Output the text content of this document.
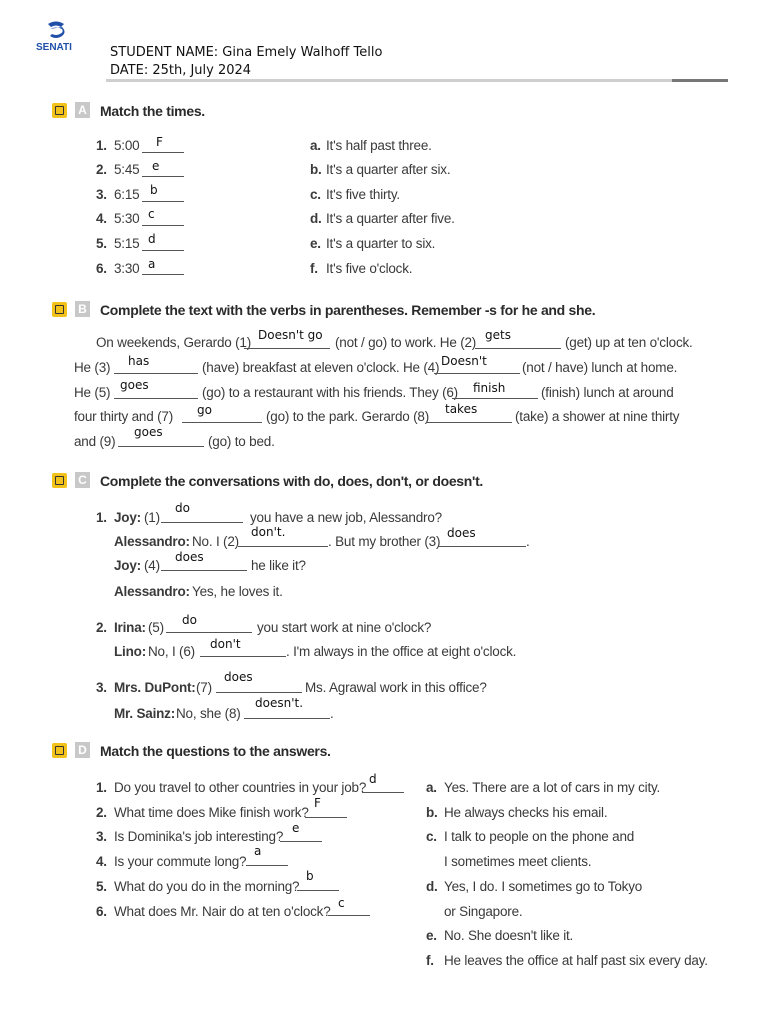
SENATI	STUDENT NAME: Gina Emely Walhoff Tello
DATE: 25th, July 2024
A Match the times.
1. 5:00 F
2. 5:45 e
3. 6:15 b
4. 5:30 c
5. 5:15 d
6. 3:30 a
a. It's half past three.
b. It's a quarter after six.
c. It's five thirty.
d. It's a quarter after five.
e. It's a quarter to six.
f. It's five o'clock.
B Complete the text with the verbs in parentheses. Remember -s for he and she.
On weekends, Gerardo (1) Doesn't go (not / go) to work. He (2) gets	(get) up at ten o'clock.
He (3) has	(have) breakfast at eleven o'clock. He (4) Doesn't	(not / have) lunch at home.
He (5) goes	(go) to a restaurant with his friends. They (6) finish	(finish) lunch at around
four thirty and (7) go	(go) to the park. Gerardo (8) takes	(take) a shower at nine thirty
and (9)
goes
(go) to bed.
C Complete the conversations with do, does, don't, or doesn't.
1. Joy: (1)
do
you have a new job, Alessandro?
Alessandro: No. I (2)
don't.
. But my brother (3)
does
.
Joy: (4)
does
he like it?
Alessandro: Yes, he loves it.
2. Irina: (5) do	you start work at nine o'clock?
Lino: No, I (6) don't	. I'm always in the office at eight o'clock.
3. Mrs. DuPont: (7)
does
Ms. Agrawal work in this office?
Mr. Sainz: No, she (8)
doesn't.
.
D Match the questions to the answers.
1. Do you travel to other countries in your job?
d
2. What time does Mike finish work?
F
3. Is Dominika's job interesting?
e
4. Is your commute long?
a
5. What do you do in the morning?
b
6. What does Mr. Nair do at ten o'clock?
c
a. Yes. There are a lot of cars in my city.
b. He always checks his email.
c. I talk to people on the phone and
I sometimes meet clients.
d. Yes, I do. I sometimes go to Tokyo
or Singapore.
e. No. She doesn't like it.
f. He leaves the office at half past six every day.
